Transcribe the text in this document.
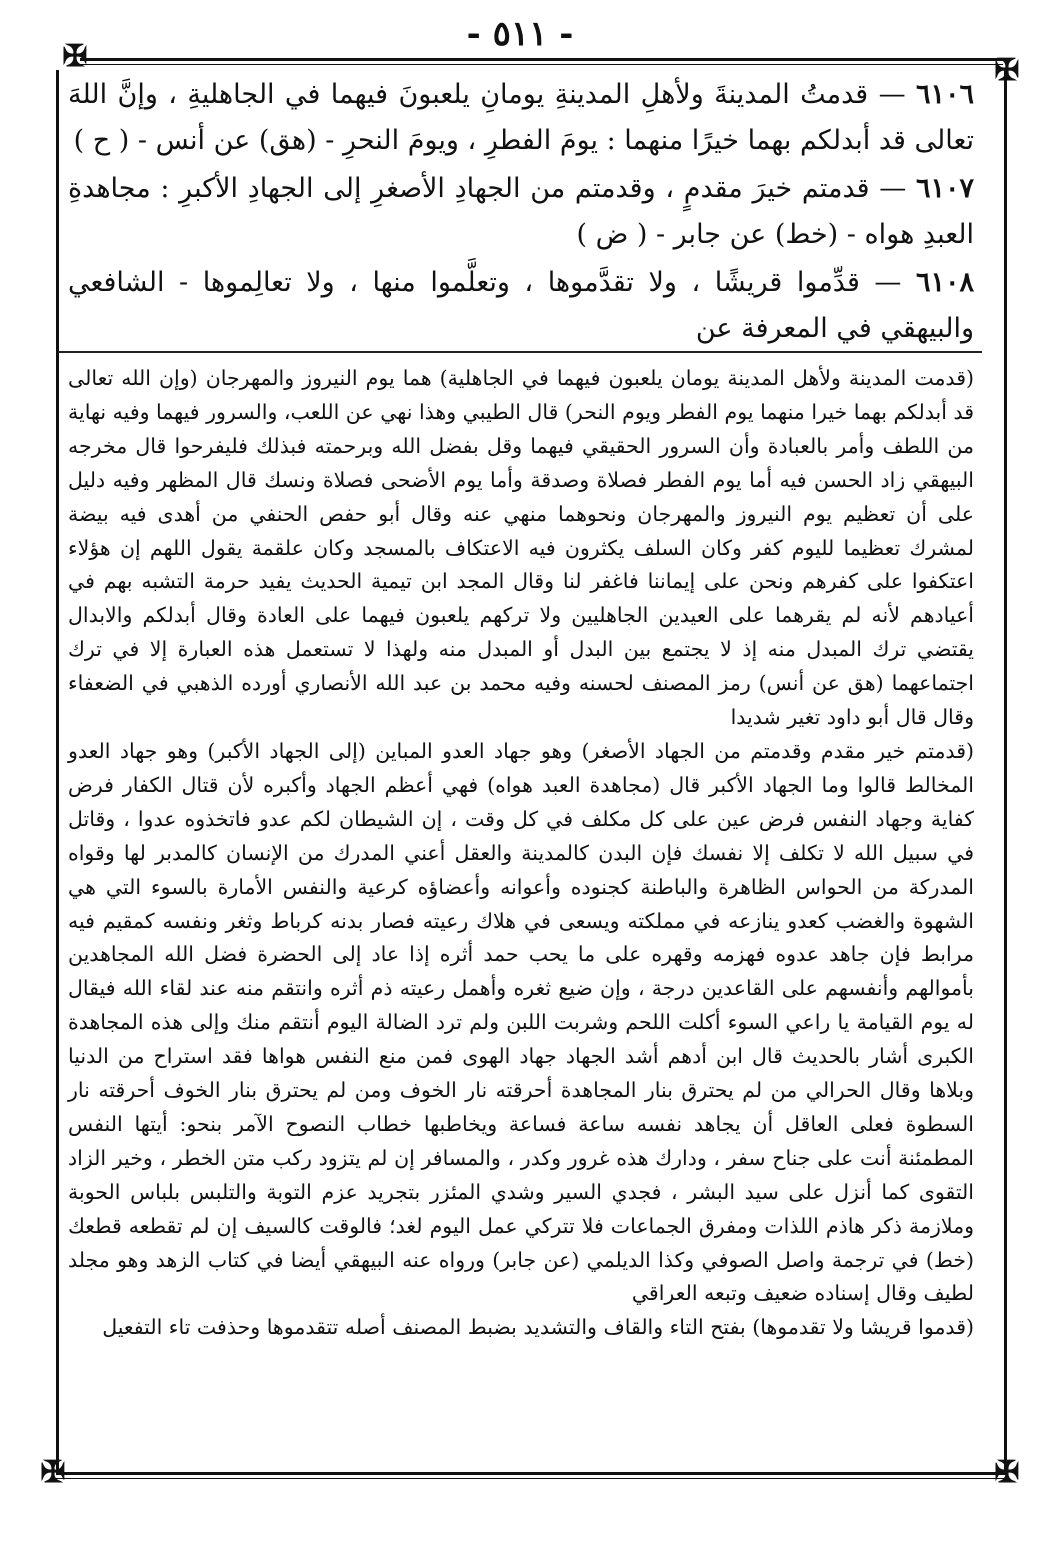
- ٥١١ -
✠	✠
✠	✠

٦١٠٦ — قدمتُ المدينةَ ولأهلِ المدينةِ يومانِ يلعبونَ فيهما في الجاهليةِ ، وإنَّ اللهَ تعالى قد أبدلكم بهما خيرًا منهما : يومَ الفطرِ ، ويومَ النحرِ - (هق) عن أنس - ( ح )

٦١٠٧ — قدمتم خيرَ مقدمٍ ، وقدمتم من الجهادِ الأصغرِ إلى الجهادِ الأكبرِ : مجاهدةِ العبدِ هواه - (خط) عن جابر - ( ض )

٦١٠٨ — قدِّموا قريشًا ، ولا تقدَّموها ، وتعلَّموا منها ، ولا تعالِموها - الشافعي والبيهقي في المعرفة عن

(قدمت المدينة ولأهل المدينة يومان يلعبون فيهما في الجاهلية) هما يوم النيروز والمهرجان (وإن الله تعالى قد أبدلكم بهما خيرا منهما يوم الفطر ويوم النحر) قال الطيبي وهذا نهي عن اللعب، والسرور فيهما وفيه نهاية من اللطف وأمر بالعبادة وأن السرور الحقيقي فيهما وقل بفضل الله وبرحمته فبذلك فليفرحوا قال مخرجه البيهقي زاد الحسن فيه أما يوم الفطر فصلاة وصدقة وأما يوم الأضحى فصلاة ونسك قال المظهر وفيه دليل على أن تعظيم يوم النيروز والمهرجان ونحوهما منهي عنه وقال أبو حفص الحنفي من أهدى فيه بيضة لمشرك تعظيما لليوم كفر وكان السلف يكثرون فيه الاعتكاف بالمسجد وكان علقمة يقول اللهم إن هؤلاء اعتكفوا على كفرهم ونحن على إيماننا فاغفر لنا وقال المجد ابن تيمية الحديث يفيد حرمة التشبه بهم في أعيادهم لأنه لم يقرهما على العيدين الجاهليين ولا تركهم يلعبون فيهما على العادة وقال أبدلكم والابدال يقتضي ترك المبدل منه إذ لا يجتمع بين البدل أو المبدل منه ولهذا لا تستعمل هذه العبارة إلا في ترك اجتماعهما (هق عن أنس) رمز المصنف لحسنه وفيه محمد بن عبد الله الأنصاري أورده الذهبي في الضعفاء وقال قال أبو داود تغير شديدا

(قدمتم خير مقدم وقدمتم من الجهاد الأصغر) وهو جهاد العدو المباين (إلى الجهاد الأكبر) وهو جهاد العدو المخالط قالوا وما الجهاد الأكبر قال (مجاهدة العبد هواه) فهي أعظم الجهاد وأكبره لأن قتال الكفار فرض كفاية وجهاد النفس فرض عين على كل مكلف في كل وقت ، إن الشيطان لكم عدو فاتخذوه عدوا ، وقاتل في سبيل الله لا تكلف إلا نفسك فإن البدن كالمدينة والعقل أعني المدرك من الإنسان كالمدبر لها وقواه المدركة من الحواس الظاهرة والباطنة كجنوده وأعوانه وأعضاؤه كرعية والنفس الأمارة بالسوء التي هي الشهوة والغضب كعدو ينازعه في مملكته ويسعى في هلاك رعيته فصار بدنه كرباط وثغر ونفسه كمقيم فيه مرابط فإن جاهد عدوه فهزمه وقهره على ما يحب حمد أثره إذا عاد إلى الحضرة فضل الله المجاهدين بأموالهم وأنفسهم على القاعدين درجة ، وإن ضيع ثغره وأهمل رعيته ذم أثره وانتقم منه عند لقاء الله فيقال له يوم القيامة يا راعي السوء أكلت اللحم وشربت اللبن ولم ترد الضالة اليوم أنتقم منك وإلى هذه المجاهدة الكبرى أشار بالحديث قال ابن أدهم أشد الجهاد جهاد الهوى فمن منع النفس هواها فقد استراح من الدنيا وبلاها وقال الحرالي من لم يحترق بنار المجاهدة أحرقته نار الخوف ومن لم يحترق بنار الخوف أحرقته نار السطوة فعلى العاقل أن يجاهد نفسه ساعة فساعة ويخاطبها خطاب النصوح الآمر بنحو: أيتها النفس المطمئنة أنت على جناح سفر ، ودارك هذه غرور وكدر ، والمسافر إن لم يتزود ركب متن الخطر ، وخير الزاد التقوى كما أنزل على سيد البشر ، فجدي السير وشدي المئزر بتجريد عزم التوبة والتلبس بلباس الحوبة وملازمة ذكر هاذم اللذات ومفرق الجماعات فلا تتركي عمل اليوم لغد؛ فالوقت كالسيف إن لم تقطعه قطعك (خط) في ترجمة واصل الصوفي وكذا الديلمي (عن جابر) ورواه عنه البيهقي أيضا في كتاب الزهد وهو مجلد لطيف وقال إسناده ضعيف وتبعه العراقي

(قدموا قريشا ولا تقدموها) بفتح التاء والقاف والتشديد بضبط المصنف أصله تتقدموها وحذفت تاء التفعيل
